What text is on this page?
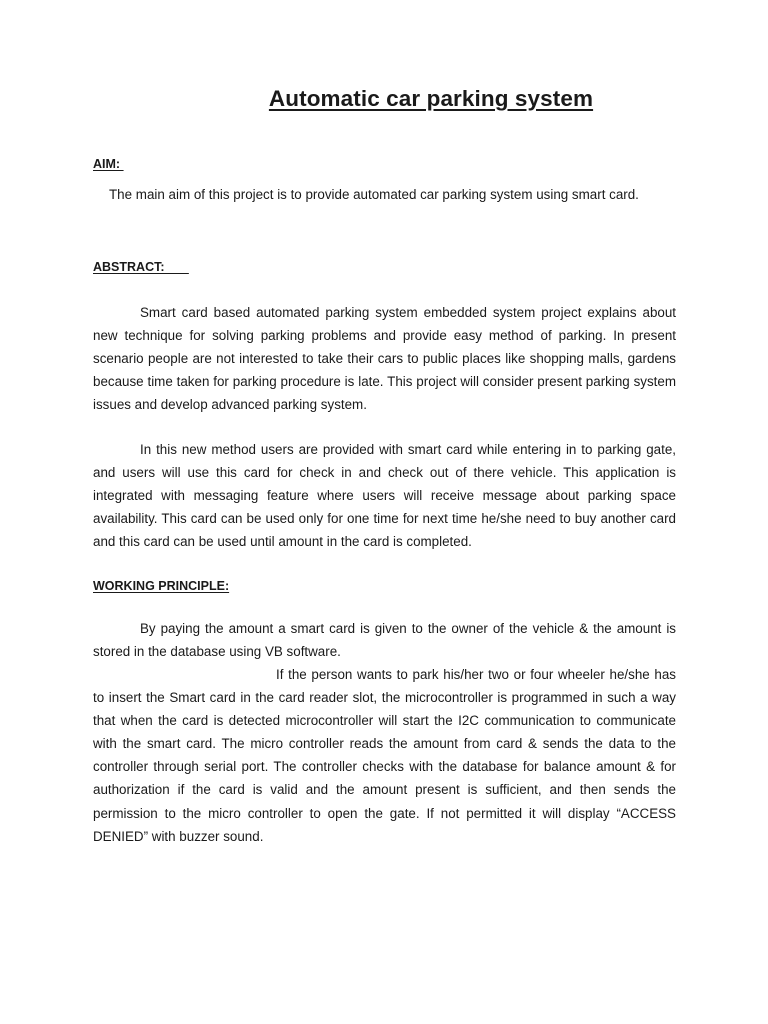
Automatic car parking system
AIM:

The main aim of this project is to provide automated car parking system using smart card.

ABSTRACT:

Smart card based automated parking system embedded system project explains about new technique for solving parking problems and provide easy method of parking. In present scenario people are not interested to take their cars to public places like shopping malls, gardens because time taken for parking procedure is late. This project will consider present parking system issues and develop advanced parking system.

In this new method users are provided with smart card while entering in to parking gate, and users will use this card for check in and check out of there vehicle. This application is integrated with messaging feature where users will receive message about parking space availability. This card can be used only for one time for next time he/she need to buy another card and this card can be used until amount in the card is completed.

WORKING PRINCIPLE:

By paying the amount a smart card is given to the owner of the vehicle & the amount is stored in the database using VB software.

If the person wants to park his/her two or four wheeler he/she has to insert the Smart card in the card reader slot, the microcontroller is programmed in such a way that when the card is detected microcontroller will start the I2C communication to communicate with the smart card. The micro controller reads the amount from card & sends the data to the controller through serial port. The controller checks with the database for balance amount & for authorization if the card is valid and the amount present is sufficient, and then sends the permission to the micro controller to open the gate. If not permitted it will display “ACCESS DENIED” with buzzer sound.
